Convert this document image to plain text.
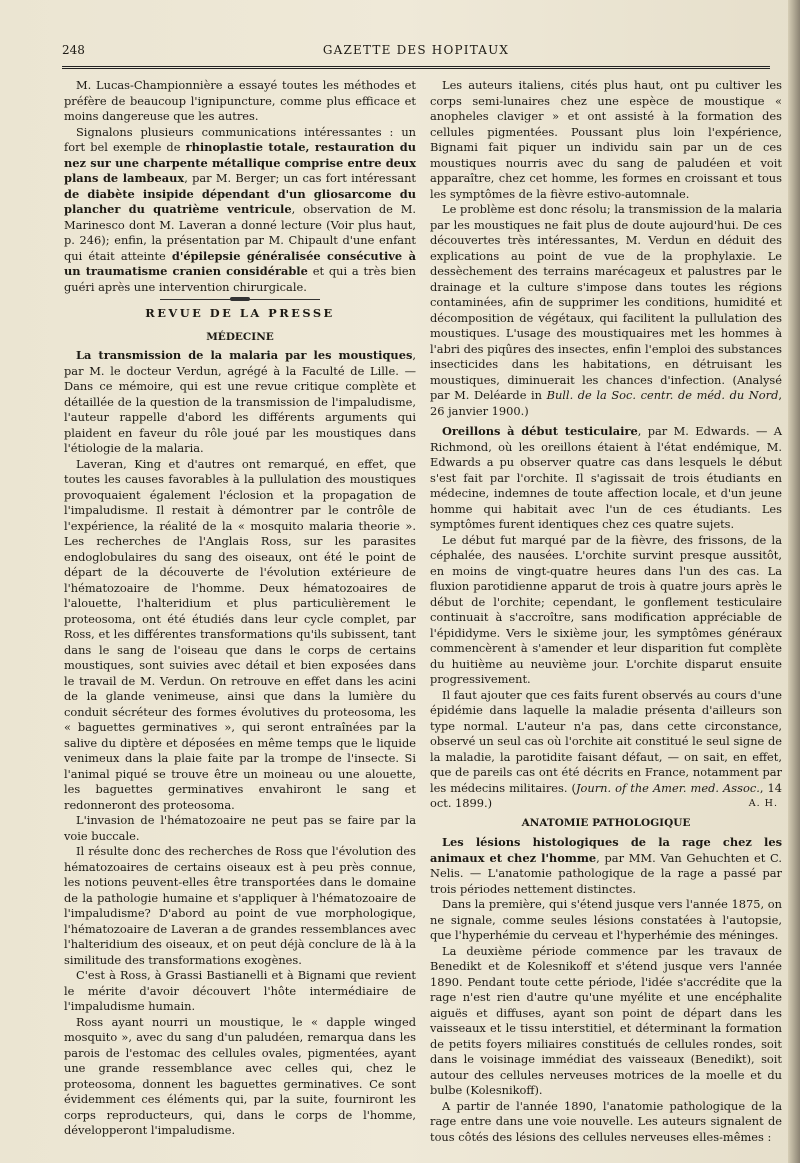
248	GAZETTE DES HOPITAUX

M. Lucas-Championnière a essayé toutes les méthodes et préfère de beaucoup l'ignipuncture, comme plus efficace et moins dangereuse que les autres.

Signalons plusieurs communications intéressantes : un fort bel exemple de rhinoplastie totale, restauration du nez sur une charpente métallique comprise entre deux plans de lambeaux, par M. Berger; un cas fort intéressant de diabète insipide dépendant d'un gliosarcome du plancher du quatrième ventricule, observation de M. Marinesco dont M. Laveran a donné lecture (Voir plus haut, p. 246); enfin, la présentation par M. Chipault d'une enfant qui était atteinte d'épilepsie généralisée consécutive à un traumatisme cranien considérable et qui a très bien guéri après une intervention chirurgicale.

REVUE DE LA PRESSE
MÉDECINE

La transmission de la malaria par les moustiques, par M. le docteur Verdun, agrégé à la Faculté de Lille. — Dans ce mémoire, qui est une revue critique complète et détaillée de la question de la transmission de l'impaludisme, l'auteur rappelle d'abord les différents arguments qui plaident en faveur du rôle joué par les moustiques dans l'étiologie de la malaria.

Laveran, King et d'autres ont remarqué, en effet, que toutes les causes favorables à la pullulation des moustiques provoquaient également l'éclosion et la propagation de l'impaludisme. Il restait à démontrer par le contrôle de l'expérience, la réalité de la « mosquito malaria theorie ». Les recherches de l'Anglais Ross, sur les parasites endoglobulaires du sang des oiseaux, ont été le point de départ de la découverte de l'évolution extérieure de l'hématozoaire de l'homme. Deux hématozoaires de l'alouette, l'halteridium et plus particulièrement le proteosoma, ont été étudiés dans leur cycle complet, par Ross, et les différentes transformations qu'ils subissent, tant dans le sang de l'oiseau que dans le corps de certains moustiques, sont suivies avec détail et bien exposées dans le travail de M. Verdun. On retrouve en effet dans les acini de la glande venimeuse, ainsi que dans la lumière du conduit sécréteur des formes évolutives du proteosoma, les « baguettes germinatives », qui seront entraînées par la salive du diptère et déposées en même temps que le liquide venimeux dans la plaie faite par la trompe de l'insecte. Si l'animal piqué se trouve être un moineau ou une alouette, les baguettes germinatives envahiront le sang et redonneront des proteosoma.

L'invasion de l'hématozoaire ne peut pas se faire par la voie buccale.

Il résulte donc des recherches de Ross que l'évolution des hématozoaires de certains oiseaux est à peu près connue, les notions peuvent-elles être transportées dans le domaine de la pathologie humaine et s'appliquer à l'hématozoaire de l'impaludisme? D'abord au point de vue morphologique, l'hématozoaire de Laveran a de grandes ressemblances avec l'halteridium des oiseaux, et on peut déjà conclure de là à la similitude des transformations exogènes.

C'est à Ross, à Grassi Bastianelli et à Bignami que revient le mérite d'avoir découvert l'hôte intermédiaire de l'impaludisme humain.

Ross ayant nourri un moustique, le « dapple winged mosquito », avec du sang d'un paludéen, remarqua dans les parois de l'estomac des cellules ovales, pigmentées, ayant une grande ressemblance avec celles qui, chez le proteosoma, donnent les baguettes germinatives. Ce sont évidemment ces éléments qui, par la suite, fourniront les corps reproducteurs, qui, dans le corps de l'homme, développeront l'impaludisme.

Les auteurs italiens, cités plus haut, ont pu cultiver les corps semi-lunaires chez une espèce de moustique « anopheles claviger » et ont assisté à la formation des cellules pigmentées. Poussant plus loin l'expérience, Bignami fait piquer un individu sain par un de ces moustiques nourris avec du sang de paludéen et voit apparaître, chez cet homme, les formes en croissant et tous les symptômes de la fièvre estivo-automnale.

Le problème est donc résolu; la transmission de la malaria par les moustiques ne fait plus de doute aujourd'hui. De ces découvertes très intéressantes, M. Verdun en déduit des explications au point de vue de la prophylaxie. Le dessèchement des terrains marécageux et palustres par le drainage et la culture s'impose dans toutes les régions contaminées, afin de supprimer les conditions, humidité et décomposition de végétaux, qui facilitent la pullulation des moustiques. L'usage des moustiquaires met les hommes à l'abri des piqûres des insectes, enfin l'emploi des substances insecticides dans les habitations, en détruisant les moustiques, diminuerait les chances d'infection. (Analysé par M. Deléarde in Bull. de la Soc. centr. de méd. du Nord, 26 janvier 1900.)

Oreillons à début testiculaire, par M. Edwards. — A Richmond, où les oreillons étaient à l'état endémique, M. Edwards a pu observer quatre cas dans lesquels le début s'est fait par l'orchite. Il s'agissait de trois étudiants en médecine, indemnes de toute affection locale, et d'un jeune homme qui habitait avec l'un de ces étudiants. Les symptômes furent identiques chez ces quatre sujets.

Le début fut marqué par de la fièvre, des frissons, de la céphalée, des nausées. L'orchite survint presque aussitôt, en moins de vingt-quatre heures dans l'un des cas. La fluxion parotidienne apparut de trois à quatre jours après le début de l'orchite; cependant, le gonflement testiculaire continuait à s'accroître, sans modification appréciable de l'épididyme. Vers le sixième jour, les symptômes généraux commencèrent à s'amender et leur disparition fut complète du huitième au neuvième jour. L'orchite disparut ensuite progressivement.

Il faut ajouter que ces faits furent observés au cours d'une épidémie dans laquelle la maladie présenta d'ailleurs son type normal. L'auteur n'a pas, dans cette circonstance, observé un seul cas où l'orchite ait constitué le seul signe de la maladie, la parotidite faisant défaut, — on sait, en effet, que de pareils cas ont été décrits en France, notamment par les médecins militaires. (Journ. of the Amer. med. Assoc., 14 oct. 1899.)	A. H.

ANATOMIE PATHOLOGIQUE

Les lésions histologiques de la rage chez les animaux et chez l'homme, par MM. Van Gehuchten et C. Nelis. — L'anatomie pathologique de la rage a passé par trois périodes nettement distinctes.

Dans la première, qui s'étend jusque vers l'année 1875, on ne signale, comme seules lésions constatées à l'autopsie, que l'hyperhémie du cerveau et l'hyperhémie des méninges.

La deuxième période commence par les travaux de Benedikt et de Kolesnikoff et s'étend jusque vers l'année 1890. Pendant toute cette période, l'idée s'accrédite que la rage n'est rien d'autre qu'une myélite et une encéphalite aiguës et diffuses, ayant son point de départ dans les vaisseaux et le tissu interstitiel, et déterminant la formation de petits foyers miliaires constitués de cellules rondes, soit dans le voisinage immédiat des vaisseaux (Benedikt), soit autour des cellules nerveuses motrices de la moelle et du bulbe (Kolesnikoff).

A partir de l'année 1890, l'anatomie pathologique de la rage entre dans une voie nouvelle. Les auteurs signalent de tous côtés des lésions des cellules nerveuses elles-mêmes :
